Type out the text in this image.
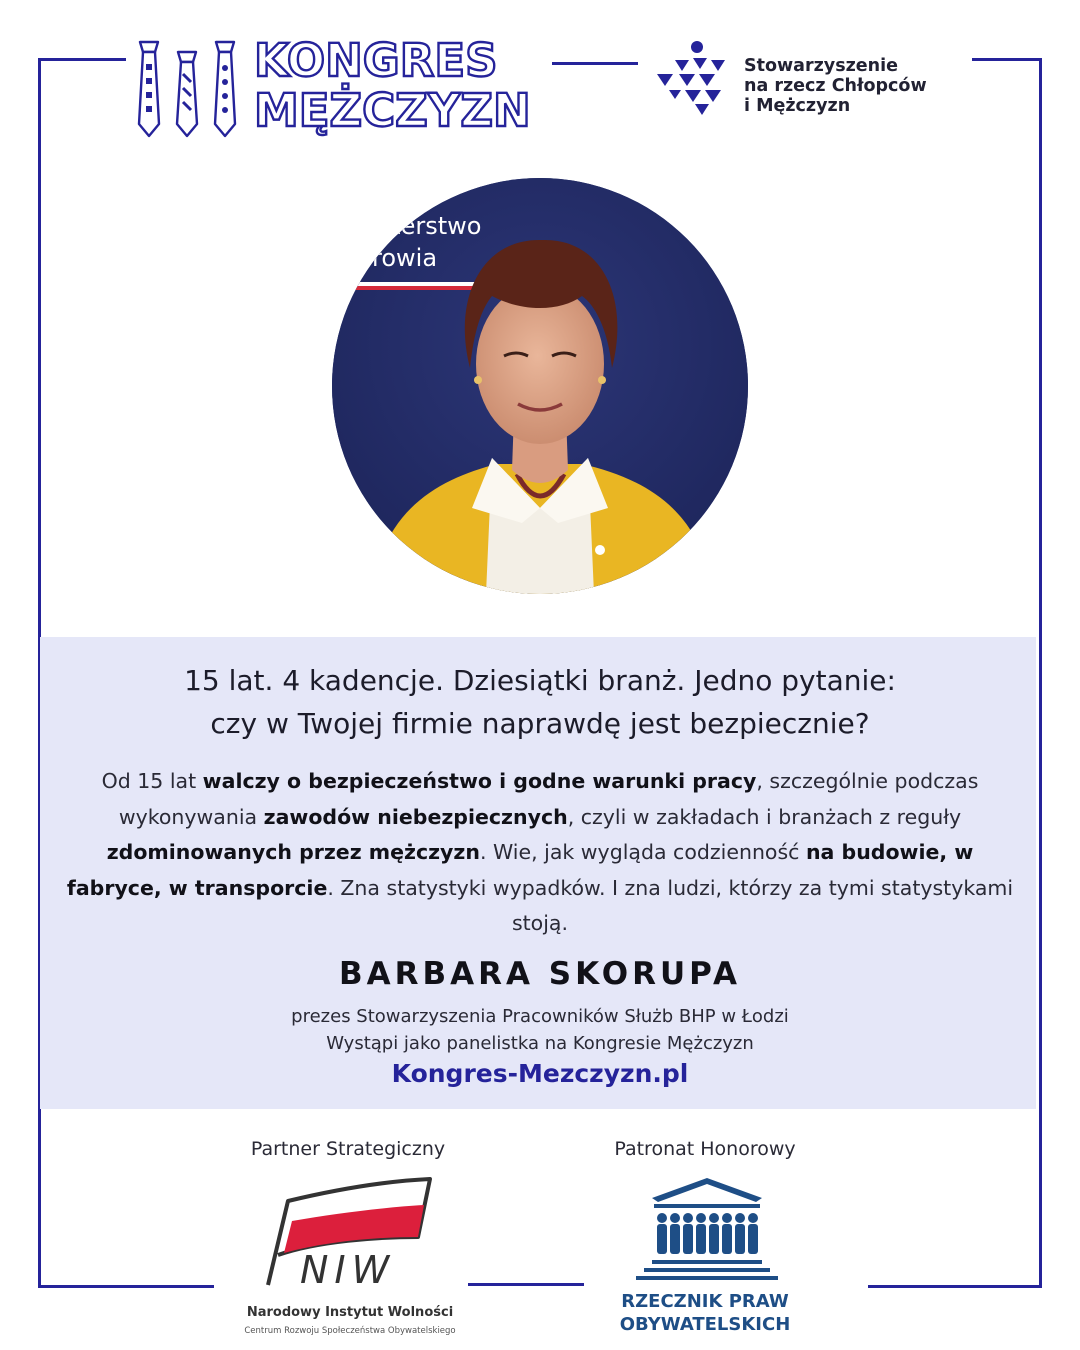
KONGRES
MĘŻCZYZN
Stowarzyszenie
na rzecz Chłopców
i Mężczyzn
isterstwo
rowia
15 lat. 4 kadencje. Dziesiątki branż. Jedno pytanie:
czy w Twojej firmie naprawdę jest bezpiecznie?
Od 15 lat walczy o bezpieczeństwo i godne warunki pracy, szczególnie podczas wykonywania zawodów niebezpiecznych, czyli w zakładach i branżach z reguły zdominowanych przez mężczyzn. Wie, jak wygląda codzienność na budowie, w fabryce, w transporcie. Zna statystyki wypadków. I zna ludzi, którzy za tymi statystykami stoją.
BARBARA SKORUPA
prezes Stowarzyszenia Pracowników Służb BHP w Łodzi
Wystąpi jako panelistka na Kongresie Mężczyzn
Kongres-Mezczyzn.pl
Partner Strategiczny	Patronat Honorowy
NIW
Narodowy Instytut Wolności
Centrum Rozwoju Społeczeństwa Obywatelskiego
RZECZNIK PRAW
OBYWATELSKICH
